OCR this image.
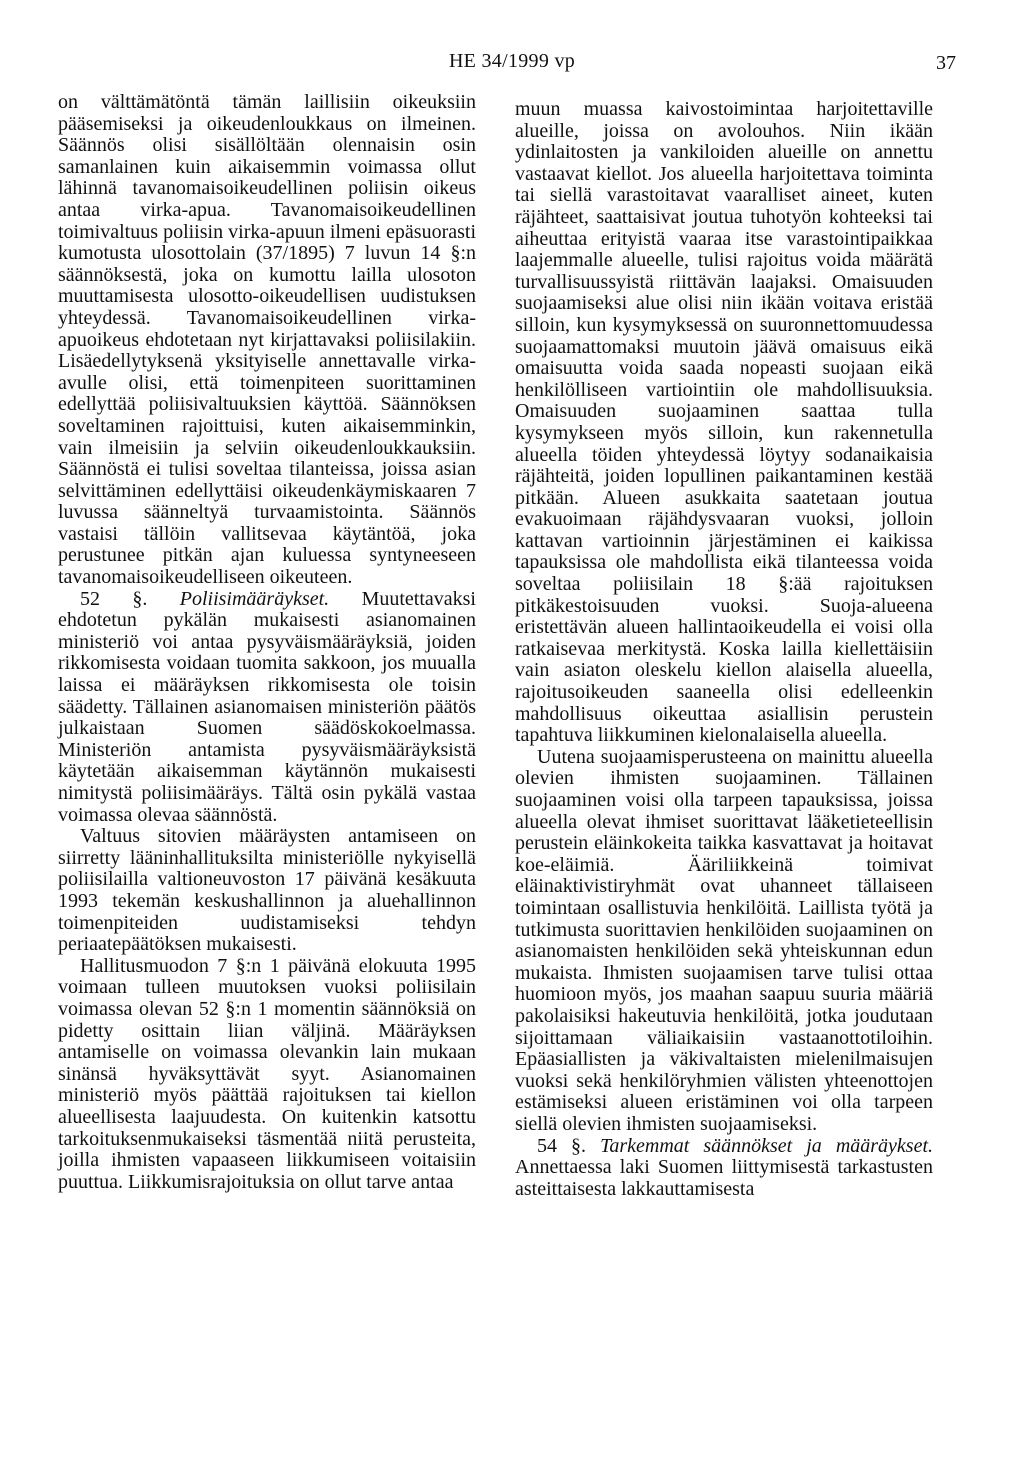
HE 34/1999 vp	37

on välttämätöntä tämän laillisiin oikeuksiin pääsemiseksi ja oikeudenloukkaus on ilmeinen. Säännös olisi sisällöltään olennaisin osin samanlainen kuin aikaisemmin voimassa ollut lähinnä tavanomaisoikeudellinen poliisin oikeus antaa virka-apua. Tavanomaisoikeudellinen toimivaltuus poliisin virka-apuun ilmeni epäsuorasti kumotusta ulosottolain (37/1895) 7 luvun 14 §:n säännöksestä, joka on kumottu lailla ulosoton muuttamisesta ulosotto-oikeudellisen uudistuksen yhteydessä. Tavanomaisoikeudellinen virka-apuoikeus ehdotetaan nyt kirjattavaksi poliisilakiin. Lisäedellytyksenä yksityiselle annettavalle virka-avulle olisi, että toimenpiteen suorittaminen edellyttää poliisivaltuuksien käyttöä. Säännöksen soveltaminen rajoittuisi, kuten aikaisemminkin, vain ilmeisiin ja selviin oikeudenloukkauksiin. Säännöstä ei tulisi soveltaa tilanteissa, joissa asian selvittäminen edellyttäisi oikeudenkäymiskaaren 7 luvussa säänneltyä turvaamistointa. Säännös vastaisi tällöin vallitsevaa käytäntöä, joka perustunee pitkän ajan kuluessa syntyneeseen tavanomaisoikeudelliseen oikeuteen.

52 §. Poliisimääräykset. Muutettavaksi ehdotetun pykälän mukaisesti asianomainen ministeriö voi antaa pysyväismääräyksiä, joiden rikkomisesta voidaan tuomita sakkoon, jos muualla laissa ei määräyksen rikkomisesta ole toisin säädetty. Tällainen asianomaisen ministeriön päätös julkaistaan Suomen säädöskokoelmassa. Ministeriön antamista pysyväismääräyksistä käytetään aikaisemman käytännön mukaisesti nimitystä poliisimääräys. Tältä osin pykälä vastaa voimassa olevaa säännöstä.

Valtuus sitovien määräysten antamiseen on siirretty lääninhallituksilta ministeriölle nykyisellä poliisilailla valtioneuvoston 17 päivänä kesäkuuta 1993 tekemän keskushallinnon ja aluehallinnon toimenpiteiden uudistamiseksi tehdyn periaatepäätöksen mukaisesti.

Hallitusmuodon 7 §:n 1 päivänä elokuuta 1995 voimaan tulleen muutoksen vuoksi poliisilain voimassa olevan 52 §:n 1 momentin säännöksiä on pidetty osittain liian väljinä. Määräyksen antamiselle on voimassa olevankin lain mukaan sinänsä hyväksyttävät syyt. Asianomainen ministeriö myös päättää rajoituksen tai kiellon alueellisesta laajuudesta. On kuitenkin katsottu tarkoituksenmukaiseksi täsmentää niitä perusteita, joilla ihmisten vapaaseen liikkumiseen voitaisiin puuttua. Liikkumisrajoituksia on ollut tarve antaa

muun muassa kaivostoimintaa harjoitettaville alueille, joissa on avolouhos. Niin ikään ydinlaitosten ja vankiloiden alueille on annettu vastaavat kiellot. Jos alueella harjoitettava toiminta tai siellä varastoitavat vaaralliset aineet, kuten räjähteet, saattaisivat joutua tuhotyön kohteeksi tai aiheuttaa erityistä vaaraa itse varastointipaikkaa laajemmalle alueelle, tulisi rajoitus voida määrätä turvallisuussyistä riittävän laajaksi. Omaisuuden suojaamiseksi alue olisi niin ikään voitava eristää silloin, kun kysymyksessä on suuronnettomuudessa suojaamattomaksi muutoin jäävä omaisuus eikä omaisuutta voida saada nopeasti suojaan eikä henkilölliseen vartiointiin ole mahdollisuuksia. Omaisuuden suojaaminen saattaa tulla kysymykseen myös silloin, kun rakennetulla alueella töiden yhteydessä löytyy sodanaikaisia räjähteitä, joiden lopullinen paikantaminen kestää pitkään. Alueen asukkaita saatetaan joutua evakuoimaan räjähdysvaaran vuoksi, jolloin kattavan vartioinnin järjestäminen ei kaikissa tapauksissa ole mahdollista eikä tilanteessa voida soveltaa poliisilain 18 §:ää rajoituksen pitkäkestoisuuden vuoksi. Suoja-alueena eristettävän alueen hallintaoikeudella ei voisi olla ratkaisevaa merkitystä. Koska lailla kiellettäisiin vain asiaton oleskelu kiellon alaisella alueella, rajoitusoikeuden saaneella olisi edelleenkin mahdollisuus oikeuttaa asiallisin perustein tapahtuva liikkuminen kielonalaisella alueella.

Uutena suojaamisperusteena on mainittu alueella olevien ihmisten suojaaminen. Tällainen suojaaminen voisi olla tarpeen tapauksissa, joissa alueella olevat ihmiset suorittavat lääketieteellisin perustein eläinkokeita taikka kasvattavat ja hoitavat koe-eläimiä. Ääriliikkeinä toimivat eläinaktivistiryhmät ovat uhanneet tällaiseen toimintaan osallistuvia henkilöitä. Laillista työtä ja tutkimusta suorittavien henkilöiden suojaaminen on asianomaisten henkilöiden sekä yhteiskunnan edun mukaista. Ihmisten suojaamisen tarve tulisi ottaa huomioon myös, jos maahan saapuu suuria määriä pakolaisiksi hakeutuvia henkilöitä, jotka joudutaan sijoittamaan väliaikaisiin vastaanottotiloihin. Epäasiallisten ja väkivaltaisten mielenilmaisujen vuoksi sekä henkilöryhmien välisten yhteenottojen estämiseksi alueen eristäminen voi olla tarpeen siellä olevien ihmisten suojaamiseksi.

54 §. Tarkemmat säännökset ja määräykset. Annettaessa laki Suomen liittymisestä tarkastusten asteittaisesta lakkauttamisesta
